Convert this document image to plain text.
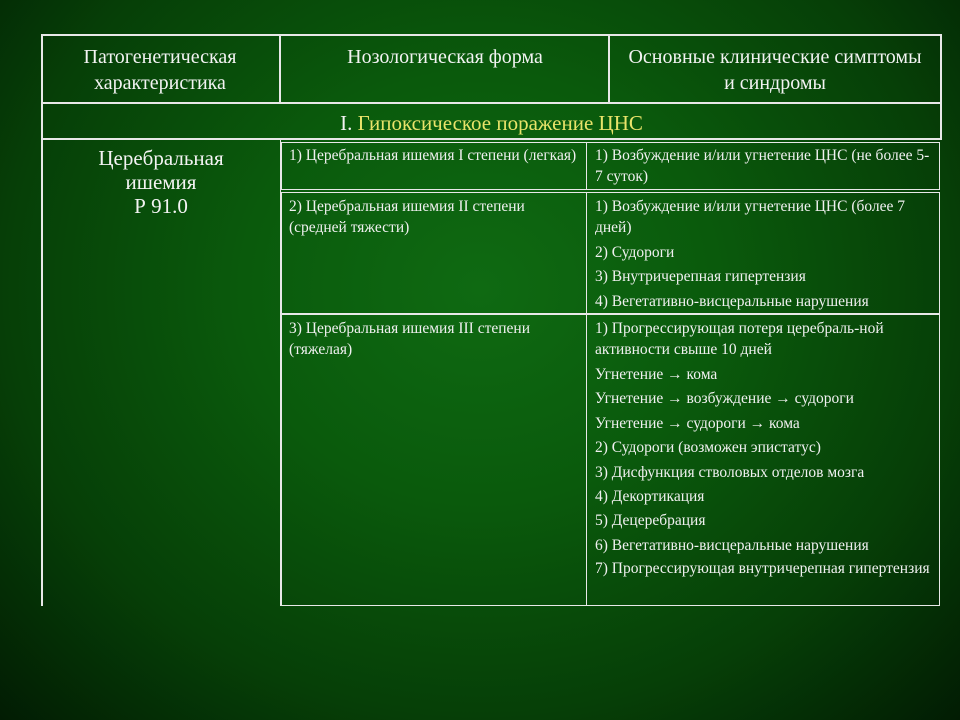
Патогенетическая характеристика
Нозологическая форма	Основные клинические симптомы и синдромы
I. Гипоксическое поражение ЦНС
Церебральная
ишемия
Р 91.0
1) Церебральная ишемия I степени (легкая)
2) Церебральная ишемия II степени (средней тяжести)
3) Церебральная ишемия III степени (тяжелая)
1) Возбуждение и/или угнетение ЦНС (не более 5-7 суток)
1) Возбуждение и/или угнетение ЦНС (более 7 дней)
2) Судороги
3) Внутричерепная гипертензия
4) Вегетативно-висцеральные нарушения
1) Прогрессирующая потеря церебраль-ной активности свыше 10 дней
Угнетение → кома
Угнетение → возбуждение → судороги
Угнетение → судороги → кома
2) Судороги (возможен эпистатус)
3) Дисфункция стволовых отделов мозга
4) Декортикация
5) Децеребрация
6) Вегетативно-висцеральные нарушения
7) Прогрессирующая внутричерепная гипертензия
